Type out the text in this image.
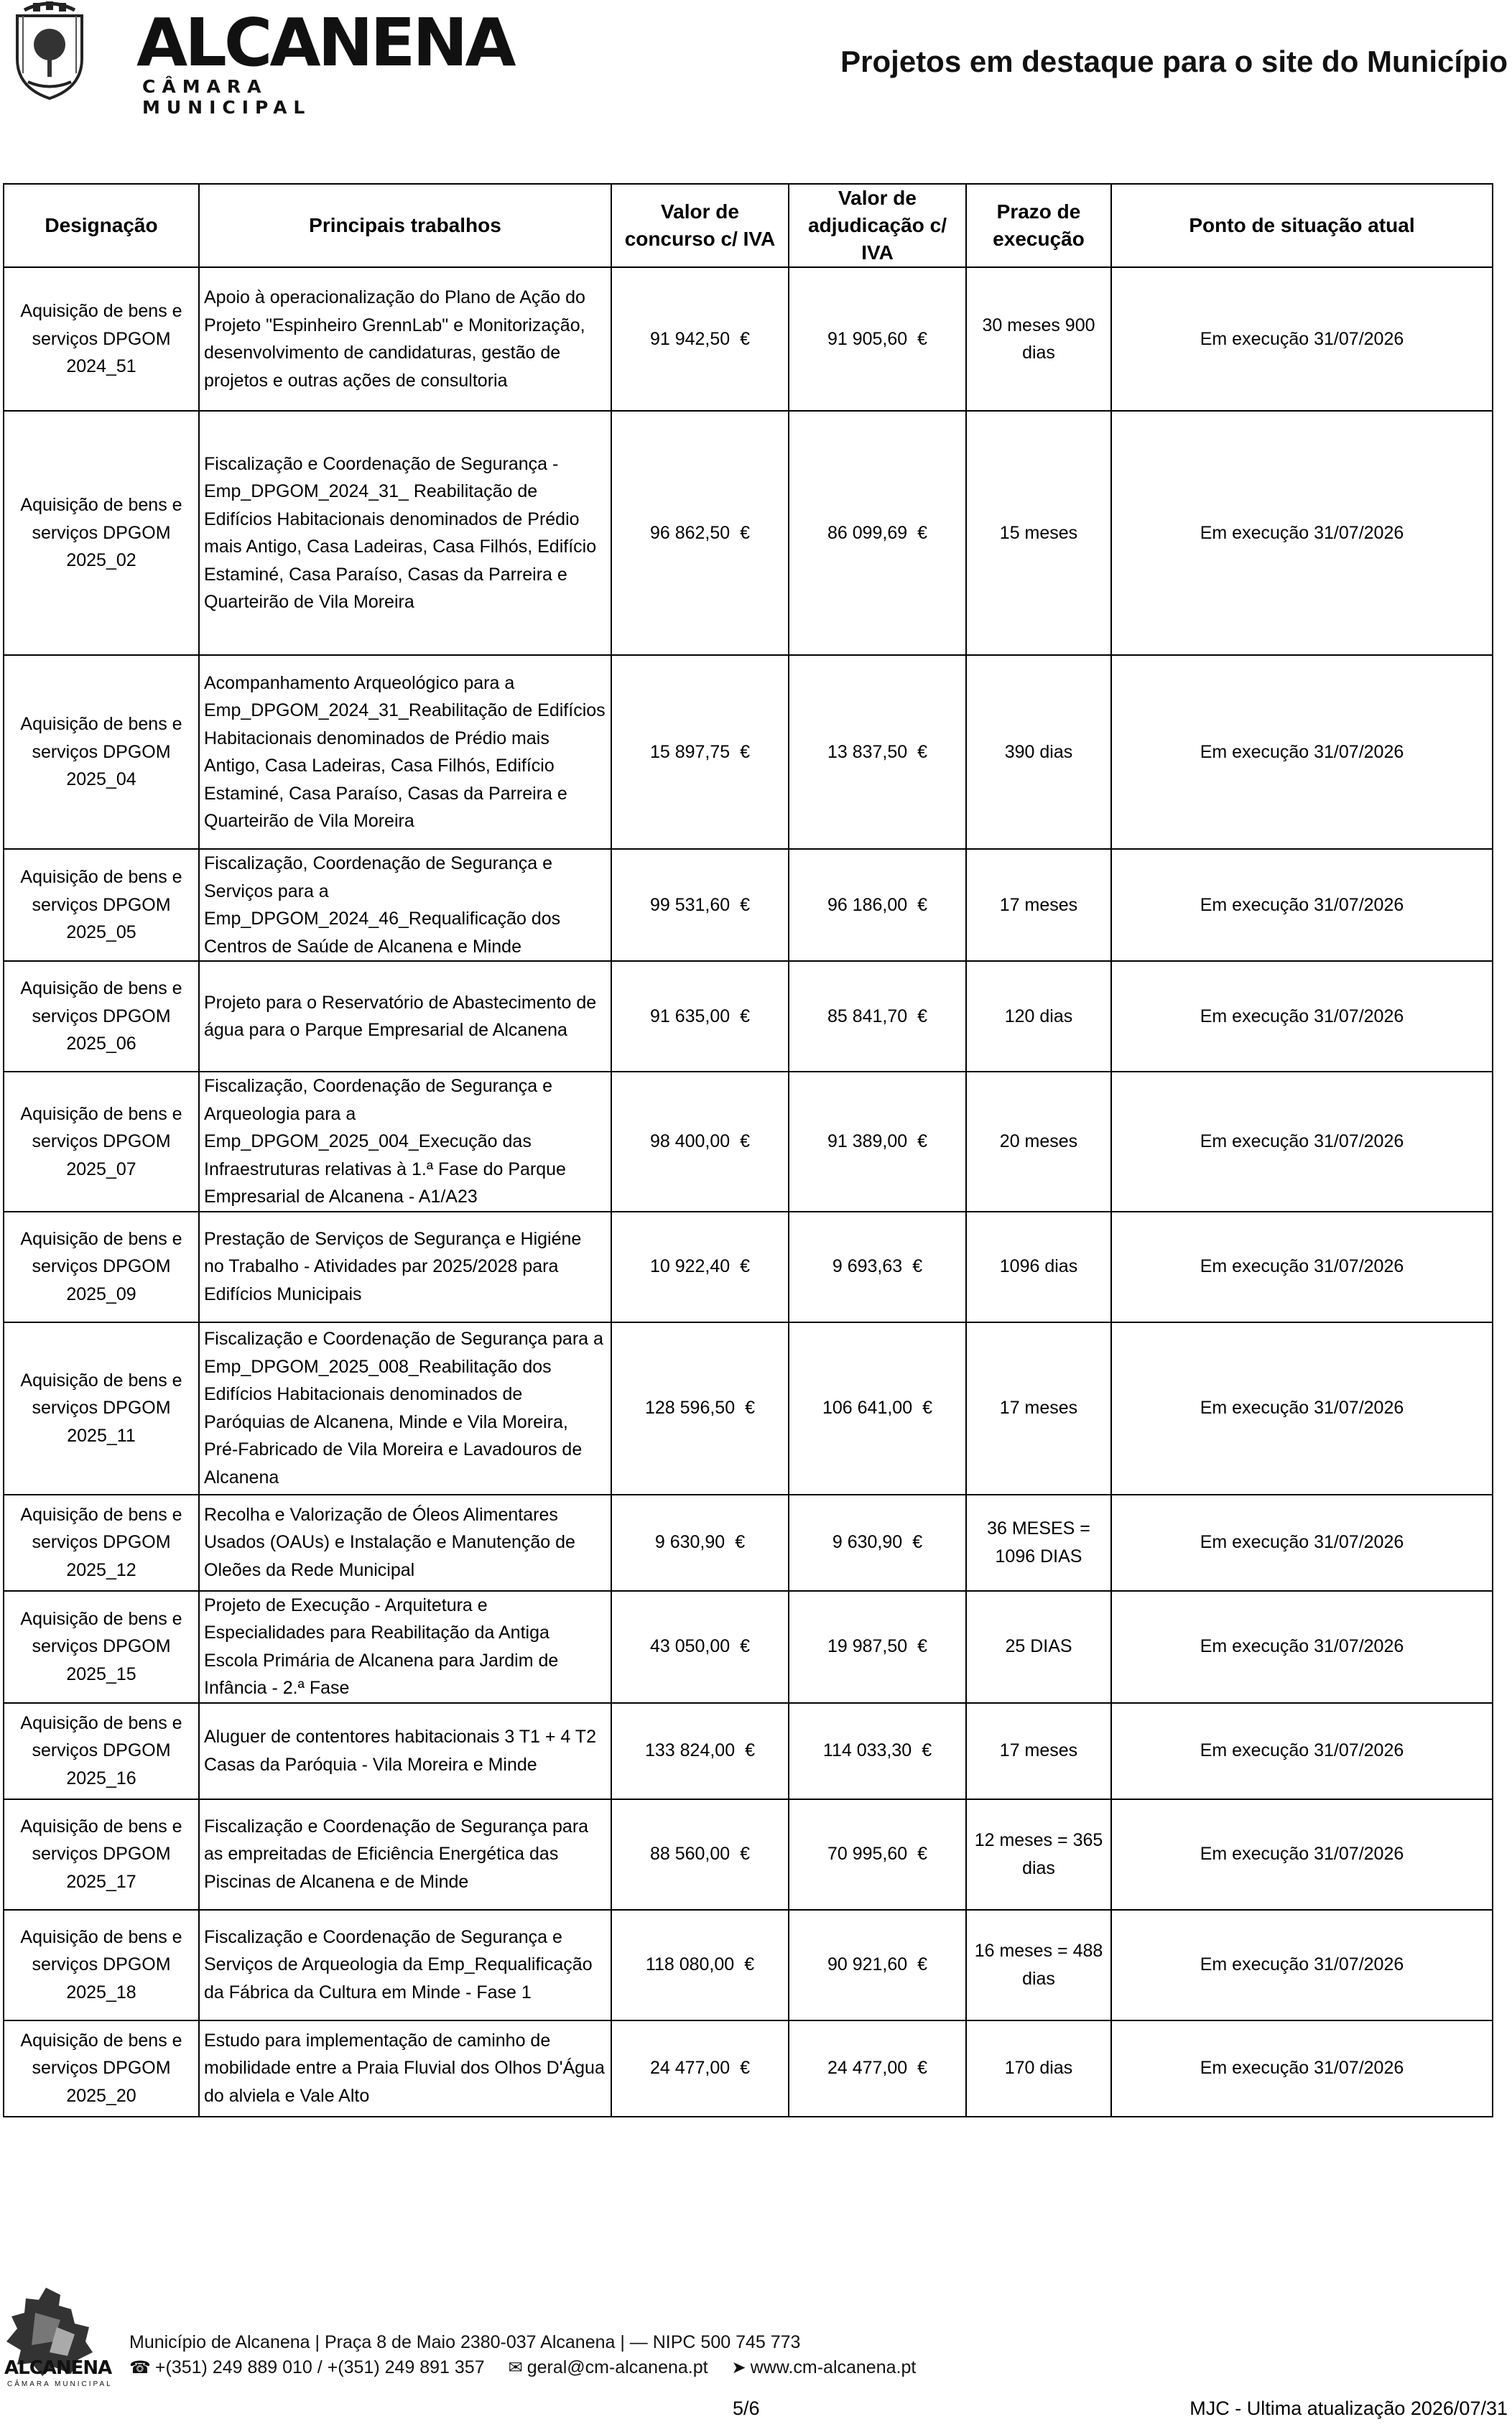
ALCANENA
CÂMARA MUNICIPAL
Projetos em destaque para o site do Município
Designação	Principais trabalhos	Valor de concurso c/ IVA	Valor de adjudicação c/ IVA	Prazo de execução	Ponto de situação atual
Aquisição de bens e serviços DPGOM 2024_51	Apoio à operacionalização do Plano de Ação do Projeto "Espinheiro GrennLab" e Monitorização, desenvolvimento de candidaturas, gestão de projetos e outras ações de consultoria	91 942,50 €	91 905,60 €	30 meses 900 dias	Em execução 31/07/2026
Aquisição de bens e serviços DPGOM 2025_02	Fiscalização e Coordenação de Segurança - Emp_DPGOM_2024_31_ Reabilitação de Edifícios Habitacionais denominados de Prédio mais Antigo, Casa Ladeiras, Casa Filhós, Edifício Estaminé, Casa Paraíso, Casas da Parreira e Quarteirão de Vila Moreira	96 862,50 €	86 099,69 €	15 meses	Em execução 31/07/2026
Aquisição de bens e serviços DPGOM 2025_04	Acompanhamento Arqueológico para a Emp_DPGOM_2024_31_Reabilitação de Edifícios Habitacionais denominados de Prédio mais Antigo, Casa Ladeiras, Casa Filhós, Edifício Estaminé, Casa Paraíso, Casas da Parreira e Quarteirão de Vila Moreira	15 897,75 €	13 837,50 €	390 dias	Em execução 31/07/2026
Aquisição de bens e serviços DPGOM 2025_05	Fiscalização, Coordenação de Segurança e Serviços para a Emp_DPGOM_2024_46_Requalificação dos Centros de Saúde de Alcanena e Minde	99 531,60 €	96 186,00 €	17 meses	Em execução 31/07/2026
Aquisição de bens e serviços DPGOM 2025_06	Projeto para o Reservatório de Abastecimento de água para o Parque Empresarial de Alcanena	91 635,00 €	85 841,70 €	120 dias	Em execução 31/07/2026
Aquisição de bens e serviços DPGOM 2025_07	Fiscalização, Coordenação de Segurança e Arqueologia para a Emp_DPGOM_2025_004_Execução das Infraestruturas relativas à 1.ª Fase do Parque Empresarial de Alcanena - A1/A23	98 400,00 €	91 389,00 €	20 meses	Em execução 31/07/2026
Aquisição de bens e serviços DPGOM 2025_09	Prestação de Serviços de Segurança e Higiéne no Trabalho - Atividades par 2025/2028 para Edifícios Municipais	10 922,40 €	9 693,63 €	1096 dias	Em execução 31/07/2026
Aquisição de bens e serviços DPGOM 2025_11	Fiscalização e Coordenação de Segurança para a Emp_DPGOM_2025_008_Reabilitação dos Edifícios Habitacionais denominados de Paróquias de Alcanena, Minde e Vila Moreira, Pré-Fabricado de Vila Moreira e Lavadouros de Alcanena	128 596,50 €	106 641,00 €	17 meses	Em execução 31/07/2026
Aquisição de bens e serviços DPGOM 2025_12	Recolha e Valorização de Óleos Alimentares Usados (OAUs) e Instalação e Manutenção de Oleões da Rede Municipal	9 630,90 €	9 630,90 €	36 MESES = 1096 DIAS	Em execução 31/07/2026
Aquisição de bens e serviços DPGOM 2025_15	Projeto de Execução - Arquitetura e Especialidades para Reabilitação da Antiga Escola Primária de Alcanena para Jardim de Infância - 2.ª Fase	43 050,00 €	19 987,50 €	25 DIAS	Em execução 31/07/2026
Aquisição de bens e serviços DPGOM 2025_16	Aluguer de contentores habitacionais 3 T1 + 4 T2 Casas da Paróquia - Vila Moreira e Minde	133 824,00 €	114 033,30 €	17 meses	Em execução 31/07/2026
Aquisição de bens e serviços DPGOM 2025_17	Fiscalização e Coordenação de Segurança para as empreitadas de Eficiência Energética das Piscinas de Alcanena e de Minde	88 560,00 €	70 995,60 €	12 meses = 365 dias	Em execução 31/07/2026
Aquisição de bens e serviços DPGOM 2025_18	Fiscalização e Coordenação de Segurança e Serviços de Arqueologia da Emp_Requalificação da Fábrica da Cultura em Minde - Fase 1	118 080,00 €	90 921,60 €	16 meses = 488 dias	Em execução 31/07/2026
Aquisição de bens e serviços DPGOM 2025_20	Estudo para implementação de caminho de mobilidade entre a Praia Fluvial dos Olhos D'Água do alviela e Vale Alto	24 477,00 €	24 477,00 €	170 dias	Em execução 31/07/2026
ALCANENA
CÂMARA MUNICIPAL
Município de Alcanena | Praça 8 de Maio 2380-037 Alcanena | — NIPC 500 745 773
☎ +(351) 249 889 010 / +(351) 249 891 357 ✉ geral@cm-alcanena.pt ➤ www.cm-alcanena.pt
5/6	MJC - Ultima atualização 2026/07/31
